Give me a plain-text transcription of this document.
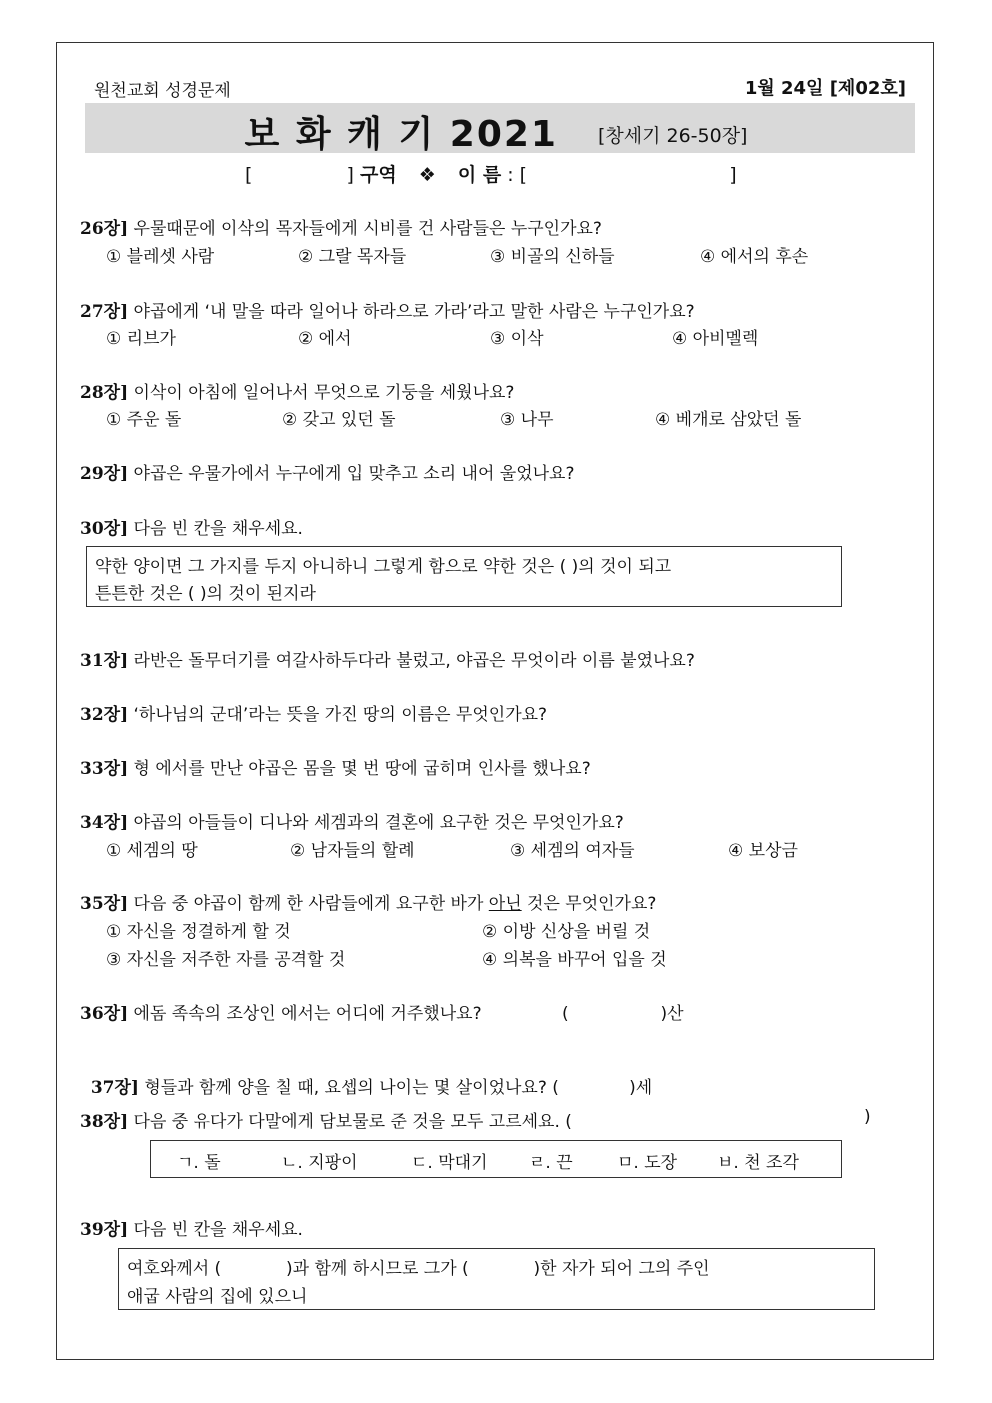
원천교회 성경문제	1월 24일 [제02호]
보 화 캐 기 2021 [창세기 26-50장]
[	] 구역 ❖ 이 름 : [	]
26장] 우물때문에 이삭의 목자들에게 시비를 건 사람들은 누구인가요?
① 블레셋 사람	② 그랄 목자들	③ 비골의 신하들	④ 에서의 후손
27장] 야곱에게 ‘내 말을 따라 일어나 하라으로 가라’라고 말한 사람은 누구인가요?
① 리브가	② 에서	③ 이삭	④ 아비멜렉
28장] 이삭이 아침에 일어나서 무엇으로 기둥을 세웠나요?
① 주운 돌	② 갖고 있던 돌	③ 나무	④ 베개로 삼았던 돌
29장] 야곱은 우물가에서 누구에게 입 맞추고 소리 내어 울었나요?
30장] 다음 빈 칸을 채우세요.
약한 양이면 그 가지를 두지 아니하니 그렇게 함으로 약한 것은 ( )의 것이 되고
튼튼한 것은 ( )의 것이 된지라
31장] 라반은 돌무더기를 여갈사하두다라 불렀고, 야곱은 무엇이라 이름 붙였나요?
32장] ‘하나님의 군대’라는 뜻을 가진 땅의 이름은 무엇인가요?
33장] 형 에서를 만난 야곱은 몸을 몇 번 땅에 굽히며 인사를 했나요?
34장] 야곱의 아들들이 디나와 세겜과의 결혼에 요구한 것은 무엇인가요?
① 세겜의 땅	② 남자들의 할례	③ 세겜의 여자들	④ 보상금
35장] 다음 중 야곱이 함께 한 사람들에게 요구한 바가 아닌 것은 무엇인가요?
① 자신을 정결하게 할 것	② 이방 신상을 버릴 것
③ 자신을 저주한 자를 공격할 것	④ 의복을 바꾸어 입을 것
36장] 에돔 족속의 조상인 에서는 어디에 거주했나요?	(                 )산

37장] 형들과 함께 양을 칠 때, 요셉의 나이는 몇 살이었나요? (             )세

38장] 다음 중 유다가 다말에게 담보물로 준 것을 모두 고르세요. (	)
ㄱ. 돌	ㄴ. 지팡이	ㄷ. 막대기 ㄹ. 끈	ㅁ. 도장 ㅂ. 천 조각
39장] 다음 빈 칸을 채우세요.
여호와께서 (            )과 함께 하시므로 그가 (            )한 자가 되어 그의 주인
애굽 사람의 집에 있으니
